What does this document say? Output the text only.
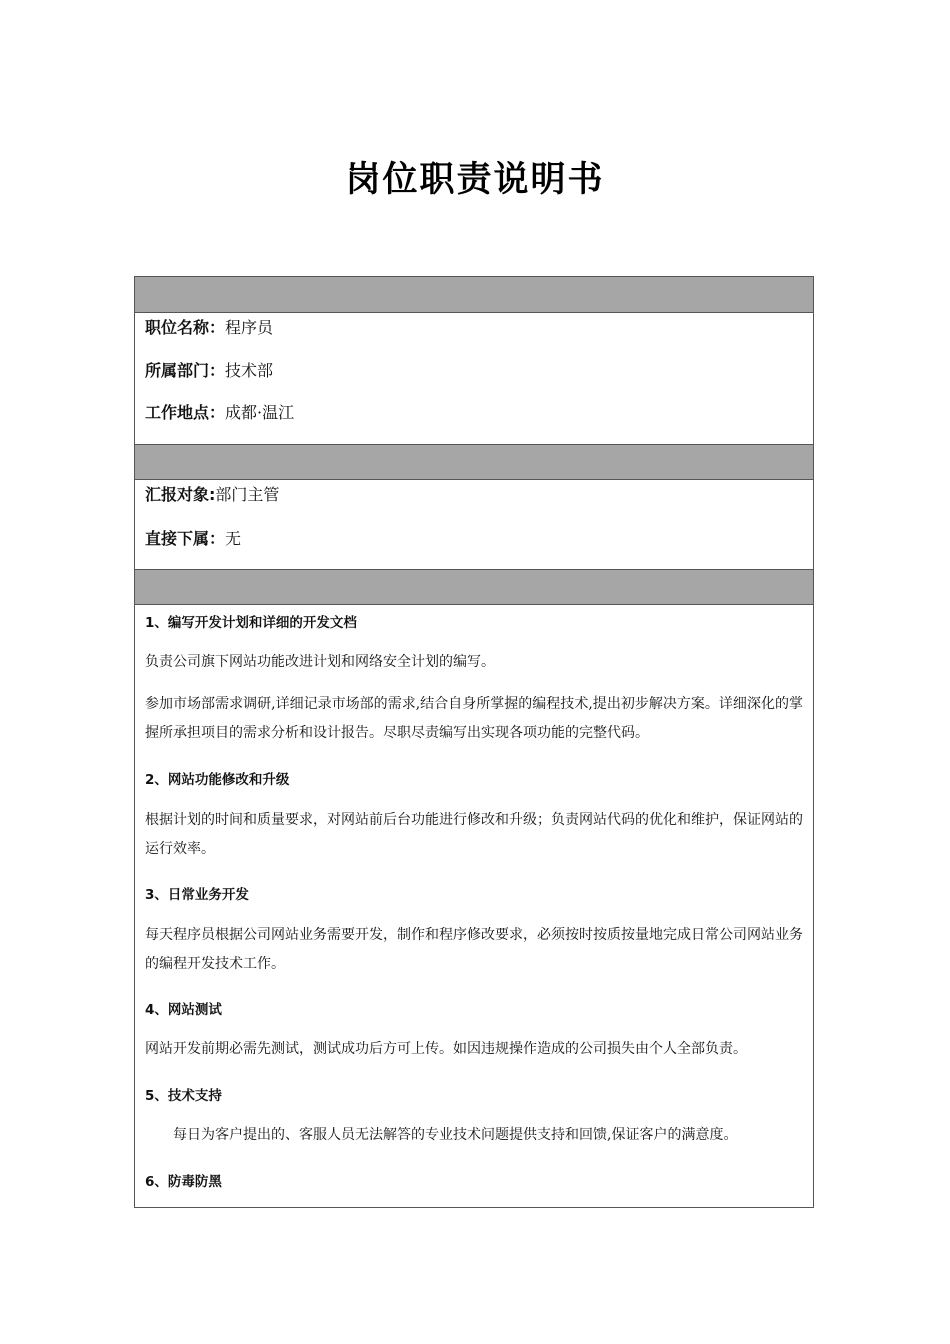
岗位职责说明书
职位名称：程序员
所属部门：技术部
工作地点：成都·温江
汇报对象:部门主管
直接下属：无
1、编写开发计划和详细的开发文档
负责公司旗下网站功能改进计划和网络安全计划的编写。
参加市场部需求调研,详细记录市场部的需求,结合自身所掌握的编程技术,提出初步解决方案。详细深化的掌握所承担项目的需求分析和设计报告。尽职尽责编写出实现各项功能的完整代码。
2、网站功能修改和升级
根据计划的时间和质量要求，对网站前后台功能进行修改和升级；负责网站代码的优化和维护，保证网站的运行效率。
3、日常业务开发
每天程序员根据公司网站业务需要开发，制作和程序修改要求，必须按时按质按量地完成日常公司网站业务的编程开发技术工作。
4、网站测试
网站开发前期必需先测试，测试成功后方可上传。如因违规操作造成的公司损失由个人全部负责。
5、技术支持
每日为客户提出的、客服人员无法解答的专业技术问题提供支持和回馈,保证客户的满意度。
6、防毒防黑
